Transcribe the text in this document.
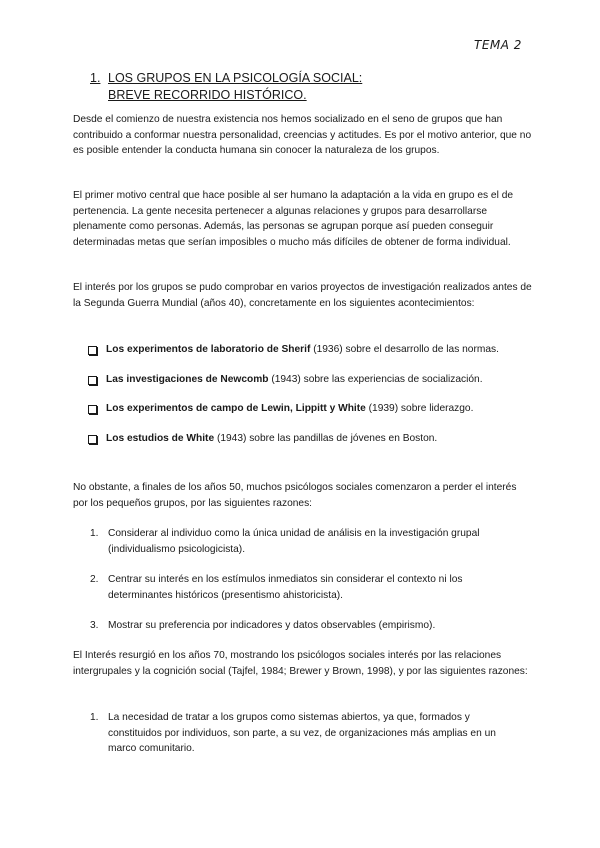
TEMA 2
1. LOS GRUPOS EN LA PSICOLOGÍA SOCIAL:
BREVE RECORRIDO HISTÓRICO.

Desde el comienzo de nuestra existencia nos hemos socializado en el seno de grupos que han contribuido a conformar nuestra personalidad, creencias y actitudes. Es por el motivo anterior, que no es posible entender la conducta humana sin conocer la naturaleza de los grupos.

El primer motivo central que hace posible al ser humano la adaptación a la vida en grupo es el de pertenencia. La gente necesita pertenecer a algunas relaciones y grupos para desarrollarse plenamente como personas. Además, las personas se agrupan porque así pueden conseguir determinadas metas que serían imposibles o mucho más difíciles de obtener de forma individual.

El interés por los grupos se pudo comprobar en varios proyectos de investigación realizados antes de la Segunda Guerra Mundial (años 40), concretamente en los siguientes acontecimientos:

Los experimentos de laboratorio de Sherif (1936) sobre el desarrollo de las normas.
Las investigaciones de Newcomb (1943) sobre las experiencias de socialización.
Los experimentos de campo de Lewin, Lippitt y White (1939) sobre liderazgo.
Los estudios de White (1943) sobre las pandillas de jóvenes en Boston.

No obstante, a finales de los años 50, muchos psicólogos sociales comenzaron a perder el interés por los pequeños grupos, por las siguientes razones:

1. Considerar al individuo como la única unidad de análisis en la investigación grupal (individualismo psicologicista).
2. Centrar su interés en los estímulos inmediatos sin considerar el contexto ni los determinantes históricos (presentismo ahistoricista).
3. Mostrar su preferencia por indicadores y datos observables (empirismo).

El Interés resurgió en los años 70, mostrando los psicólogos sociales interés por las relaciones intergrupales y la cognición social (Tajfel, 1984; Brewer y Brown, 1998), y por las siguientes razones:

1. La necesidad de tratar a los grupos como sistemas abiertos, ya que, formados y constituidos por individuos, son parte, a su vez, de organizaciones más amplias en un marco comunitario.
